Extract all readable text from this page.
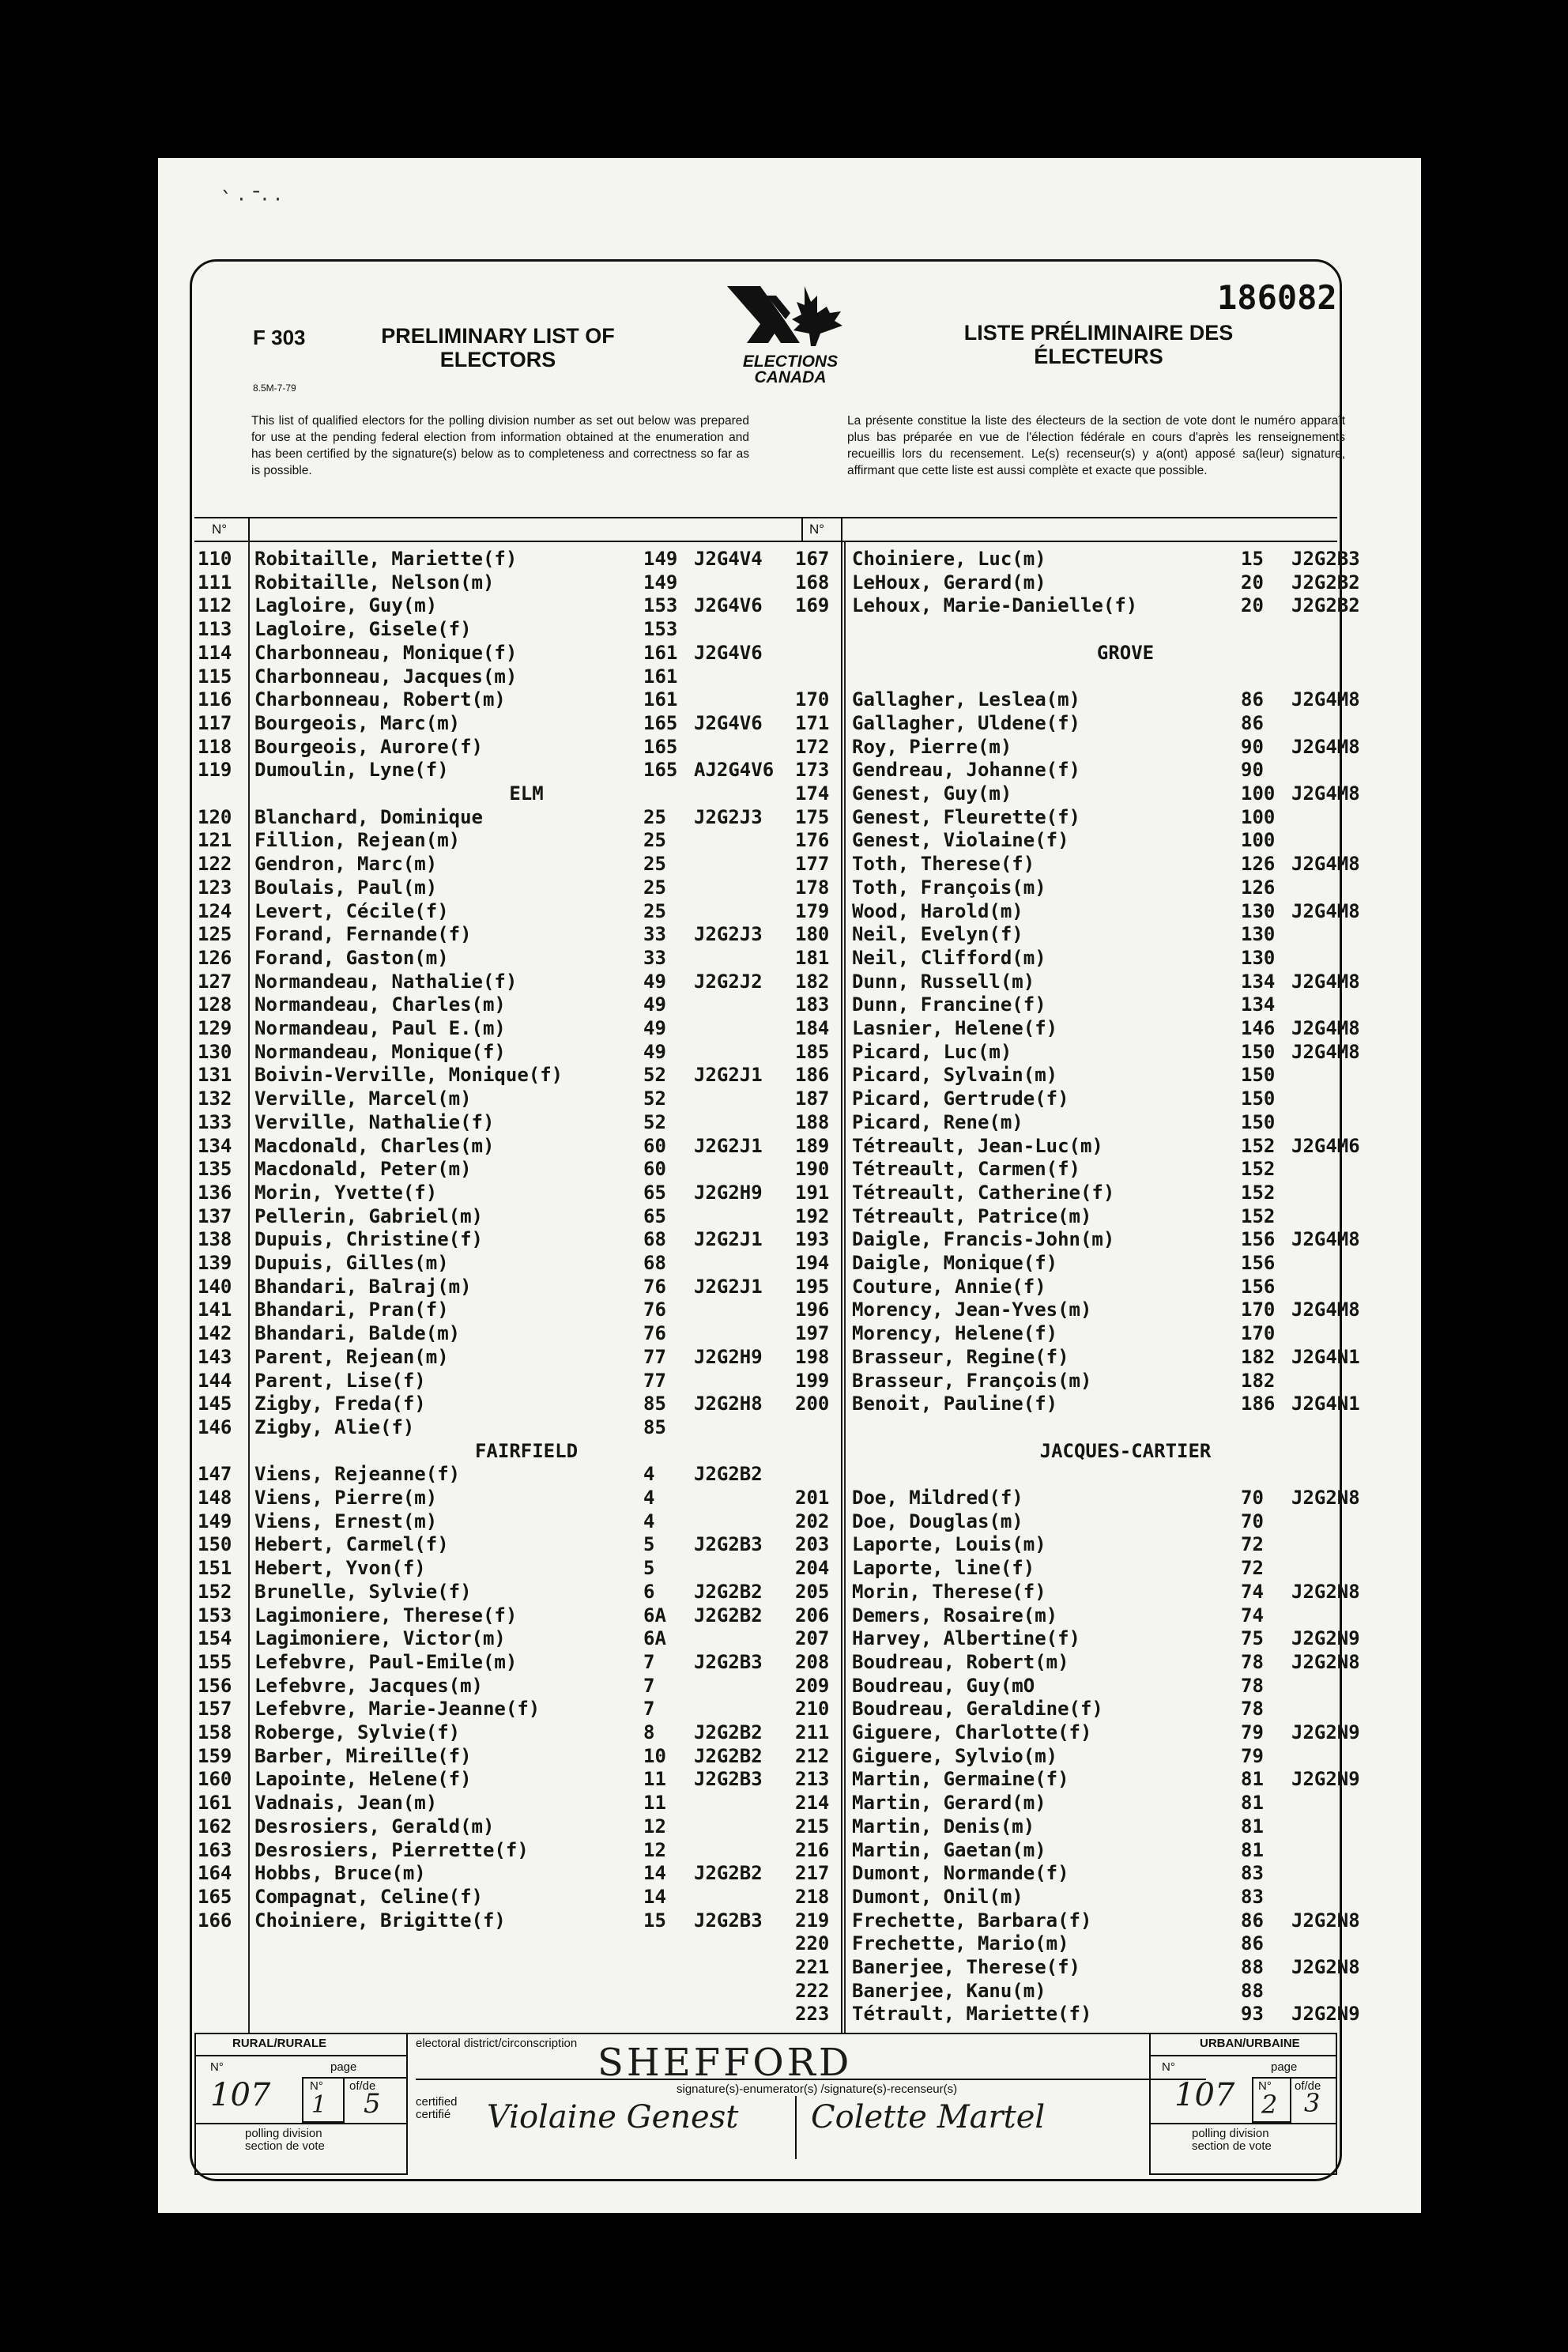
` · ˉ· ·
186082
F 303
8.5M-7-79
PRELIMINARY LIST OF ELECTORS
LISTE PRÉLIMINAIRE DES ÉLECTEURS
ELECTIONS
CANADA
This list of qualified electors for the polling division number as set out below was prepared for use at the pending federal election from information obtained at the enumeration and has been certified by the signature(s) below as to completeness and correctness so far as is possible.
La présente constitue la liste des électeurs de la section de vote dont le numéro apparaît plus bas préparée en vue de l'élection fédérale en cours d'après les renseignements recueillis lors du recensement. Le(s) recenseur(s) y a(ont) apposé sa(leur) signature, affirmant que cette liste est aussi complète et exacte que possible.
N°	N°
110 Robitaille, Mariette(f)	149 J2G4V4
111 Robitaille, Nelson(m)	149
112 Lagloire, Guy(m)	153 J2G4V6
113 Lagloire, Gisele(f)	153
114 Charbonneau, Monique(f)	161 J2G4V6
115 Charbonneau, Jacques(m)	161
116 Charbonneau, Robert(m)	161
117 Bourgeois, Marc(m)	165 J2G4V6
118 Bourgeois, Aurore(f)	165
119 Dumoulin, Lyne(f)	165 AJ2G4V6
ELM
120 Blanchard, Dominique	25 J2G2J3
121 Fillion, Rejean(m)	25
122 Gendron, Marc(m)	25
123 Boulais, Paul(m)	25
124 Levert, Cécile(f)	25
125 Forand, Fernande(f)	33 J2G2J3
126 Forand, Gaston(m)	33
127 Normandeau, Nathalie(f)	49 J2G2J2
128 Normandeau, Charles(m)	49
129 Normandeau, Paul E.(m)	49
130 Normandeau, Monique(f)	49
131 Boivin-Verville, Monique(f)	52 J2G2J1
132 Verville, Marcel(m)	52
133 Verville, Nathalie(f)	52
134 Macdonald, Charles(m)	60 J2G2J1
135 Macdonald, Peter(m)	60
136 Morin, Yvette(f)	65 J2G2H9
137 Pellerin, Gabriel(m)	65
138 Dupuis, Christine(f)	68 J2G2J1
139 Dupuis, Gilles(m)	68
140 Bhandari, Balraj(m)	76 J2G2J1
141 Bhandari, Pran(f)	76
142 Bhandari, Balde(m)	76
143 Parent, Rejean(m)	77 J2G2H9
144 Parent, Lise(f)	77
145 Zigby, Freda(f)	85 J2G2H8
146 Zigby, Alie(f)	85
FAIRFIELD
147 Viens, Rejeanne(f)	4 J2G2B2
148 Viens, Pierre(m)	4
149 Viens, Ernest(m)	4
150 Hebert, Carmel(f)	5 J2G2B3
151 Hebert, Yvon(f)	5
152 Brunelle, Sylvie(f)	6 J2G2B2
153 Lagimoniere, Therese(f)	6A J2G2B2
154 Lagimoniere, Victor(m)	6A
155 Lefebvre, Paul-Emile(m)	7 J2G2B3
156 Lefebvre, Jacques(m)	7
157 Lefebvre, Marie-Jeanne(f)	7
158 Roberge, Sylvie(f)	8 J2G2B2
159 Barber, Mireille(f)	10 J2G2B2
160 Lapointe, Helene(f)	11 J2G2B3
161 Vadnais, Jean(m)	11
162 Desrosiers, Gerald(m)	12
163 Desrosiers, Pierrette(f)	12
164 Hobbs, Bruce(m)	14 J2G2B2
165 Compagnat, Celine(f)	14
166 Choiniere, Brigitte(f)	15 J2G2B3
167 Choiniere, Luc(m)	15 J2G2B3
168 LeHoux, Gerard(m)	20 J2G2B2
169 Lehoux, Marie-Danielle(f)	20 J2G2B2
GROVE
170 Gallagher, Leslea(m)	86 J2G4M8
171 Gallagher, Uldene(f)	86
172 Roy, Pierre(m)	90 J2G4M8
173 Gendreau, Johanne(f)	90
174 Genest, Guy(m)	100 J2G4M8
175 Genest, Fleurette(f)	100
176 Genest, Violaine(f)	100
177 Toth, Therese(f)	126 J2G4M8
178 Toth, François(m)	126
179 Wood, Harold(m)	130 J2G4M8
180 Neil, Evelyn(f)	130
181 Neil, Clifford(m)	130
182 Dunn, Russell(m)	134 J2G4M8
183 Dunn, Francine(f)	134
184 Lasnier, Helene(f)	146 J2G4M8
185 Picard, Luc(m)	150 J2G4M8
186 Picard, Sylvain(m)	150
187 Picard, Gertrude(f)	150
188 Picard, Rene(m)	150
189 Tétreault, Jean-Luc(m)	152 J2G4M6
190 Tétreault, Carmen(f)	152
191 Tétreault, Catherine(f)	152
192 Tétreault, Patrice(m)	152
193 Daigle, Francis-John(m)	156 J2G4M8
194 Daigle, Monique(f)	156
195 Couture, Annie(f)	156
196 Morency, Jean-Yves(m)	170 J2G4M8
197 Morency, Helene(f)	170
198 Brasseur, Regine(f)	182 J2G4N1
199 Brasseur, François(m)	182
200 Benoit, Pauline(f)	186 J2G4N1
JACQUES-CARTIER
201 Doe, Mildred(f)	70 J2G2N8
202 Doe, Douglas(m)	70
203 Laporte, Louis(m)	72
204 Laporte, line(f)	72
205 Morin, Therese(f)	74 J2G2N8
206 Demers, Rosaire(m)	74
207 Harvey, Albertine(f)	75 J2G2N9
208 Boudreau, Robert(m)	78 J2G2N8
209 Boudreau, Guy(mO	78
210 Boudreau, Geraldine(f)	78
211 Giguere, Charlotte(f)	79 J2G2N9
212 Giguere, Sylvio(m)	79
213 Martin, Germaine(f)	81 J2G2N9
214 Martin, Gerard(m)	81
215 Martin, Denis(m)	81
216 Martin, Gaetan(m)	81
217 Dumont, Normande(f)	83
218 Dumont, Onil(m)	83
219 Frechette, Barbara(f)	86 J2G2N8
220 Frechette, Mario(m)	86
221 Banerjee, Therese(f)	88 J2G2N8
222 Banerjee, Kanu(m)	88
223 Tétrault, Mariette(f)	93 J2G2N9
RURAL/RURALE
N°	page
N° of/de
107 1 5
polling division
section de vote
electoral district/circonscription SHEFFORD
signature(s)-enumerator(s) /signature(s)-recenseur(s)
certified
certifié Violaine Genest Colette Martel
URBAN/URBAINE
N°	page
N° of/de
107 2 3
polling division
section de vote
